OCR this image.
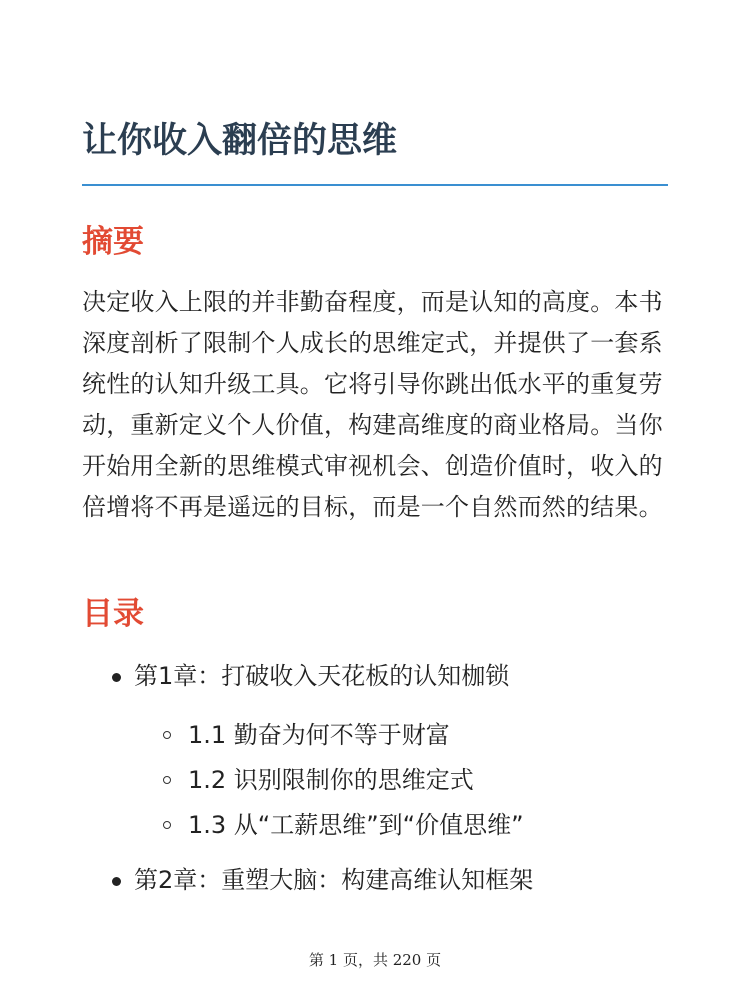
让你收入翻倍的思维
摘要

决定收入上限的并非勤奋程度，而是认知的高度。本书深度剖析了限制个人成长的思维定式，并提供了一套系统性的认知升级工具。它将引导你跳出低水平的重复劳动，重新定义个人价值，构建高维度的商业格局。当你开始用全新的思维模式审视机会、创造价值时，收入的倍增将不再是遥远的目标，而是一个自然而然的结果。

目录
第1章：打破收入天花板的认知枷锁
1.1 勤奋为何不等于财富
1.2 识别限制你的思维定式
1.3 从“工薪思维”到“价值思维”
第2章：重塑大脑：构建高维认知框架
第 1 页，共 220 页
